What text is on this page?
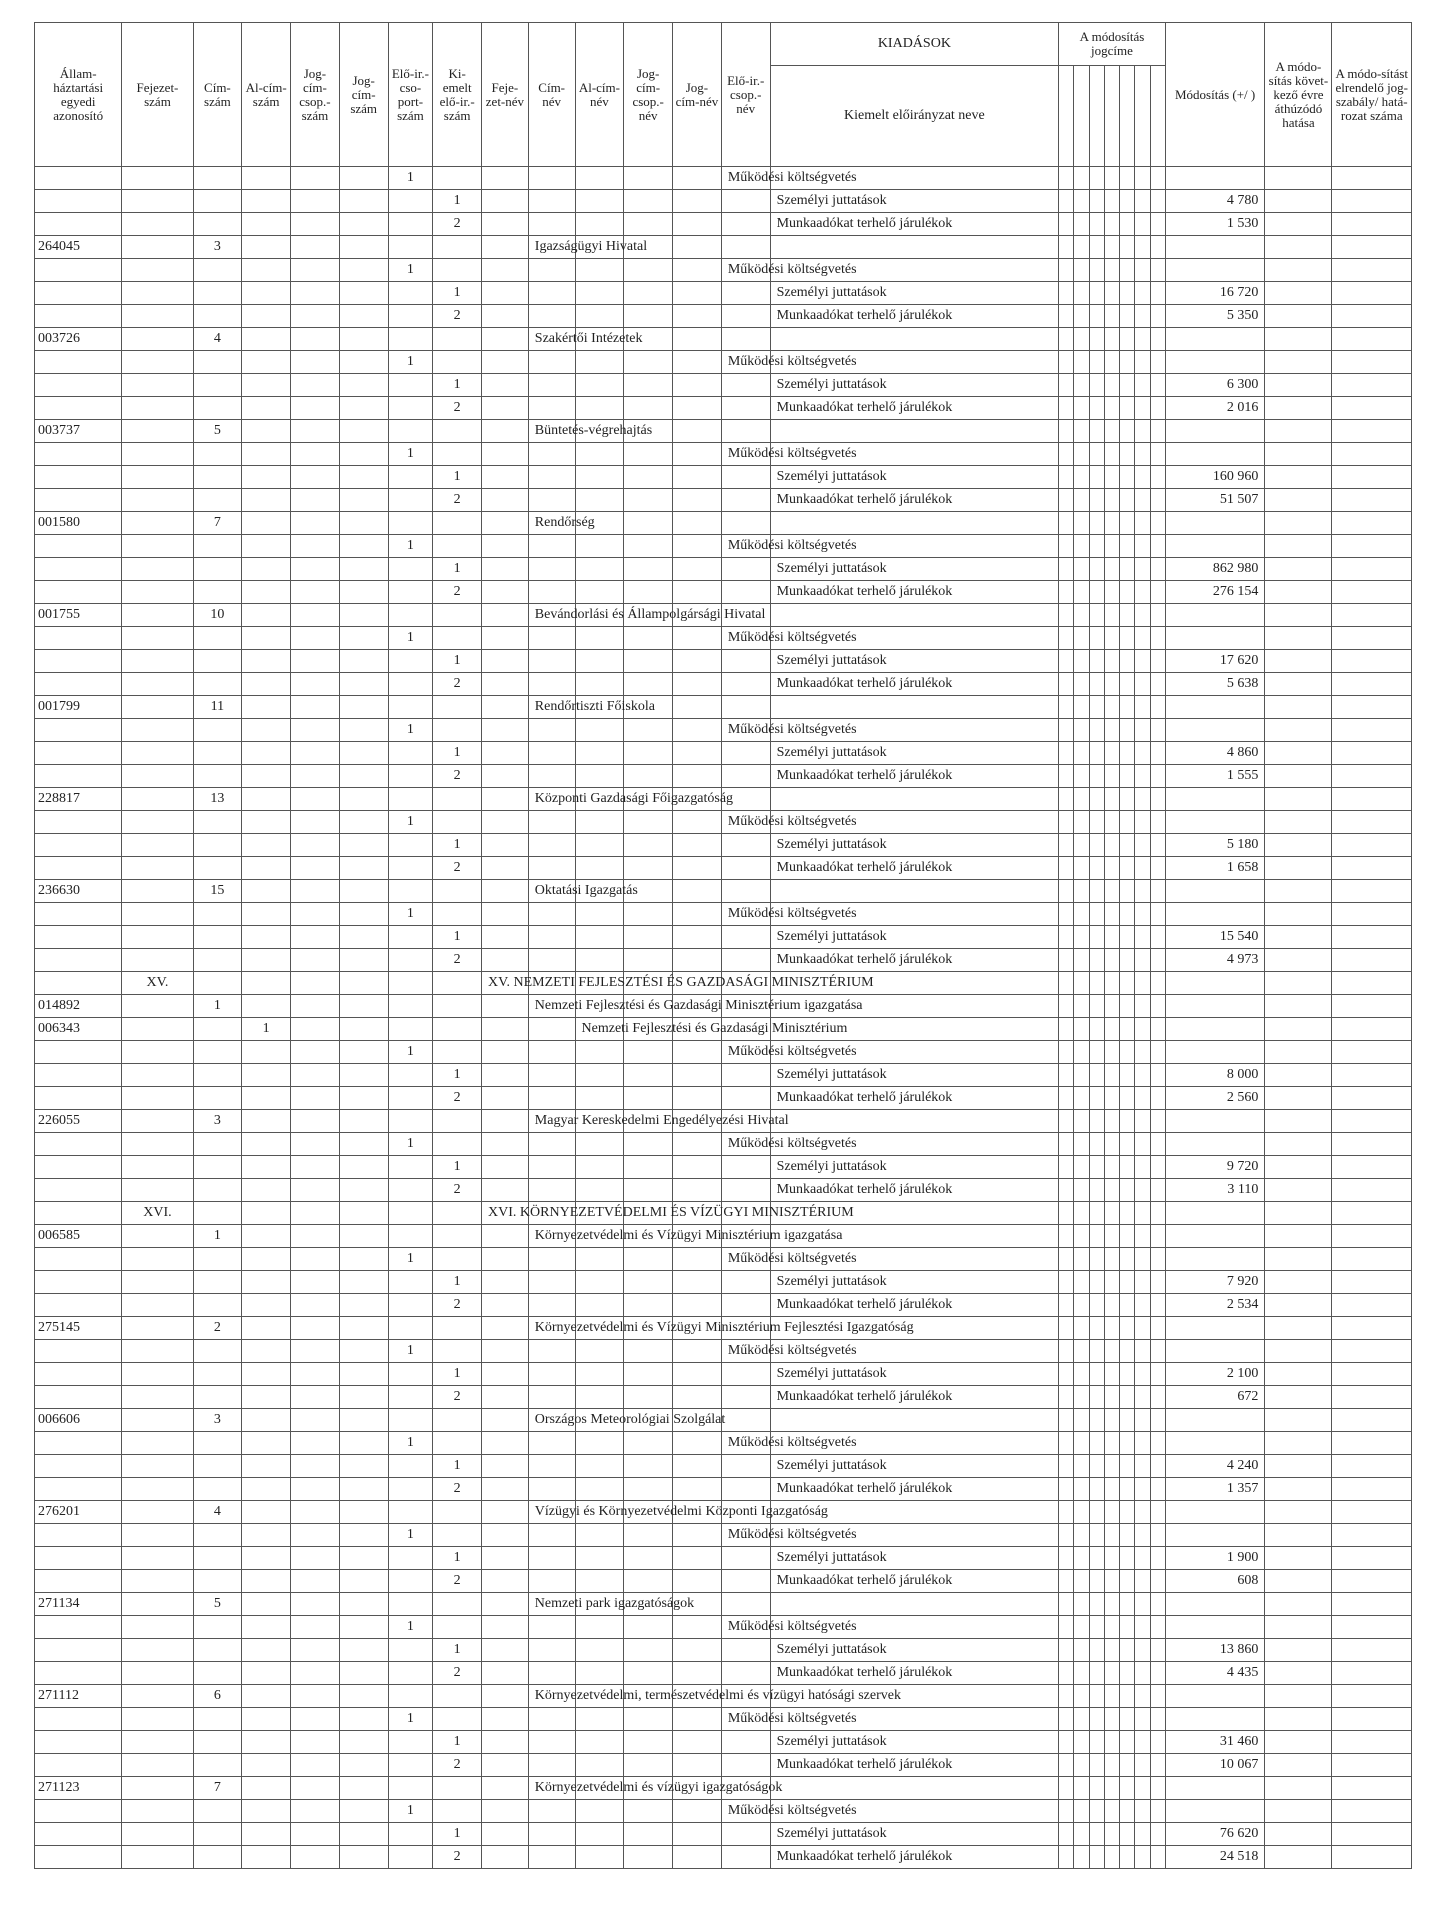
Állam-háztartási egyedi azonosító	Fejezet-szám	Cím-szám	Al-cím-szám	Jog-cím-csop.-szám	Jog-cím-szám	Elő-ir.-cso-port-szám	Ki-emelt elő-ir.-szám	Feje-zet-név	Cím-név	Al-cím-név	Jog-cím-csop.-név	Jog-cím-név	Elő-ir.-csop.-név	KIADÁSOK	A módosítás jogcíme							Módosítás (+/ )	A módo-sítás követ-kező évre áthúzódó hatása	A módo-sítást elrendelő jog-szabály/ hatá-rozat száma
														Kiemelt előirányzat neve										
						1							Működési költségvetés											

							1							Személyi juttatások								4 780		
							2							Munkaadókat terhelő járulékok								1 530		
264045		3							Igazságügyi Hivatal															

						1							Működési költségvetés											

							1							Személyi juttatások								16 720		
							2							Munkaadókat terhelő járulékok								5 350		
003726		4							Szakértői Intézetek															

						1							Működési költségvetés											

							1							Személyi juttatások								6 300		
							2							Munkaadókat terhelő járulékok								2 016		
003737		5							Büntetés-végrehajtás															

						1							Működési költségvetés											

							1							Személyi juttatások								160 960		
							2							Munkaadókat terhelő járulékok								51 507		
001580		7							Rendőrség															

						1							Működési költségvetés											

							1							Személyi juttatások								862 980		
							2							Munkaadókat terhelő járulékok								276 154		
001755		10							Bevándorlási és Állampolgársági Hivatal															

						1							Működési költségvetés											

							1							Személyi juttatások								17 620		
							2							Munkaadókat terhelő járulékok								5 638		
001799		11							Rendőrtiszti Főiskola															

						1							Működési költségvetés											

							1							Személyi juttatások								4 860		
							2							Munkaadókat terhelő járulékok								1 555		
228817		13							Központi Gazdasági Főigazgatóság															

						1							Működési költségvetés											

							1							Személyi juttatások								5 180		
							2							Munkaadókat terhelő járulékok								1 658		
236630		15							Oktatási Igazgatás															

						1							Működési költségvetés											

							1							Személyi juttatások								15 540		
							2							Munkaadókat terhelő járulékok								4 973		
	XV.							XV. NEMZETI FEJLESZTÉSI ÉS GAZDASÁGI MINISZTÉRIUM																

014892		1							Nemzeti Fejlesztési és Gazdasági Minisztérium igazgatása															

006343			1							Nemzeti Fejlesztési és Gazdasági Minisztérium														

						1							Működési költségvetés											

							1							Személyi juttatások								8 000		
							2							Munkaadókat terhelő járulékok								2 560		
226055		3							Magyar Kereskedelmi Engedélyezési Hivatal															

						1							Működési költségvetés											

							1							Személyi juttatások								9 720		
							2							Munkaadókat terhelő járulékok								3 110		
	XVI.							XVI. KÖRNYEZETVÉDELMI ÉS VÍZÜGYI MINISZTÉRIUM																

006585		1							Környezetvédelmi és Vízügyi Minisztérium igazgatása															

						1							Működési költségvetés											

							1							Személyi juttatások								7 920		
							2							Munkaadókat terhelő járulékok								2 534		
275145		2							Környezetvédelmi és Vízügyi Minisztérium Fejlesztési Igazgatóság															

						1							Működési költségvetés											

							1							Személyi juttatások								2 100		
							2							Munkaadókat terhelő járulékok								672		
006606		3							Országos Meteorológiai Szolgálat															

						1							Működési költségvetés											

							1							Személyi juttatások								4 240		
							2							Munkaadókat terhelő járulékok								1 357		
276201		4							Vízügyi és Környezetvédelmi Központi Igazgatóság															

						1							Működési költségvetés											

							1							Személyi juttatások								1 900		
							2							Munkaadókat terhelő járulékok								608		
271134		5							Nemzeti park igazgatóságok															

						1							Működési költségvetés											

							1							Személyi juttatások								13 860		
							2							Munkaadókat terhelő járulékok								4 435		
271112		6							Környezetvédelmi, természetvédelmi és vízügyi hatósági szervek															

						1							Működési költségvetés											

							1							Személyi juttatások								31 460		
							2							Munkaadókat terhelő járulékok								10 067		
271123		7							Környezetvédelmi és vízügyi igazgatóságok															

						1							Működési költségvetés											

							1							Személyi juttatások								76 620		
							2							Munkaadókat terhelő járulékok								24 518		
